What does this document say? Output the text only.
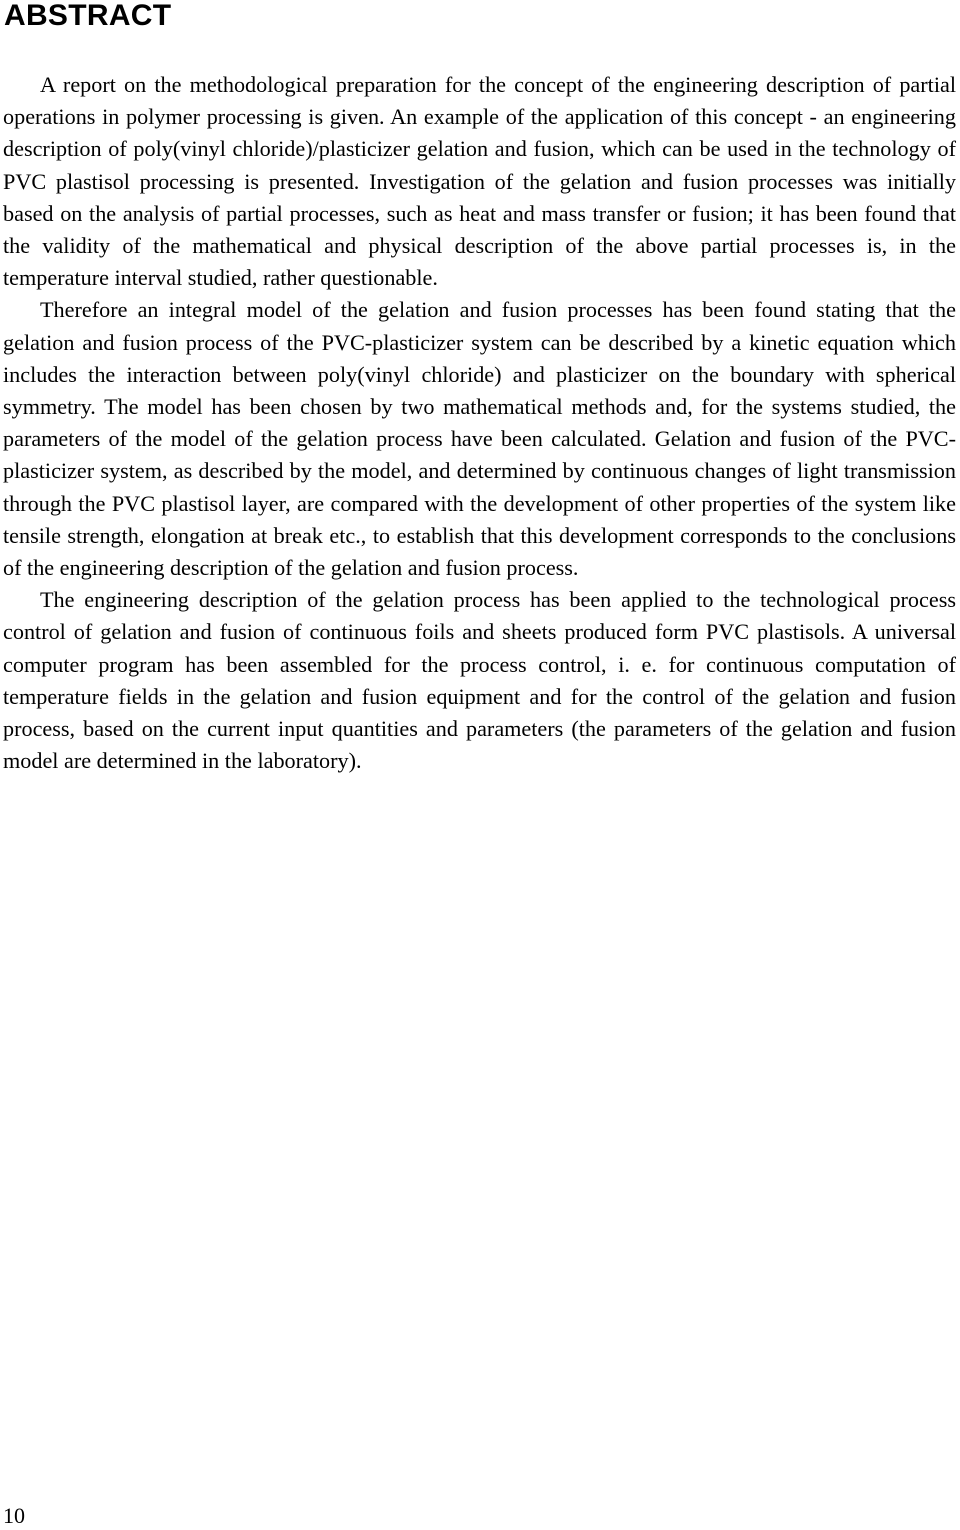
ABSTRACT

A report on the methodological preparation for the concept of the engineering description of partial operations in polymer processing is given. An example of the application of this concept - an engineering description of poly(vinyl chloride)/plasticizer gelation and fusion, which can be used in the technology of PVC plastisol processing is presented. Investigation of the gelation and fusion processes was initially based on the analysis of partial processes, such as heat and mass transfer or fusion; it has been found that the validity of the mathematical and physical description of the above partial processes is, in the temperature interval studied, rather questionable.

Therefore an integral model of the gelation and fusion processes has been found stating that the gelation and fusion process of the PVC-plasticizer system can be described by a kinetic equation which includes the interaction between poly(vinyl chloride) and plasticizer on the boundary with spherical symmetry. The model has been chosen by two mathematical methods and, for the systems studied, the parameters of the model of the gelation process have been calculated. Gelation and fusion of the PVC-plasticizer system, as described by the model, and determined by continuous changes of light transmission through the PVC plastisol layer, are compared with the development of other properties of the system like tensile strength, elongation at break etc., to establish that this development corresponds to the conclusions of the engineering description of the gelation and fusion process.

The engineering description of the gelation process has been applied to the technological process control of gelation and fusion of continuous foils and sheets produced form PVC plastisols. A universal computer program has been assembled for the process control, i. e. for continuous computation of temperature fields in the gelation and fusion equipment and for the control of the gelation and fusion process, based on the current input quantities and parameters (the parameters of the gelation and fusion model are determined in the laboratory).

10
